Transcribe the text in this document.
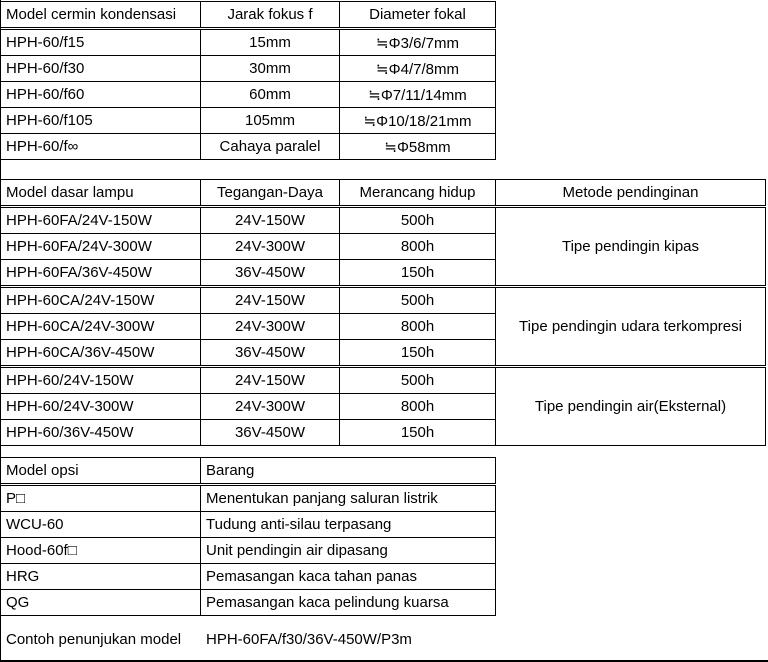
Model cermin kondensasi	Jarak fokus f	Diameter fokal
HPH-60/f15	15mm	≒Φ3/6/7mm
HPH-60/f30	30mm	≒Φ4/7/8mm
HPH-60/f60	60mm	≒Φ7/11/14mm
HPH-60/f105	105mm	≒Φ10/18/21mm
HPH-60/f∞	Cahaya paralel	≒Φ58mm
Model dasar lampu	Tegangan-Daya	Merancang hidup	Metode pendinginan
HPH-60FA/24V-150W	24V-150W	500h	Tipe pendingin kipas
HPH-60FA/24V-300W	24V-300W	800h	
HPH-60FA/36V-450W	36V-450W	150h	
HPH-60CA/24V-150W	24V-150W	500h	Tipe pendingin udara terkompresi
HPH-60CA/24V-300W	24V-300W	800h	
HPH-60CA/36V-450W	36V-450W	150h	
HPH-60/24V-150W	24V-150W	500h	Tipe pendingin air(Eksternal)
HPH-60/24V-300W	24V-300W	800h	
HPH-60/36V-450W	36V-450W	150h	
Model opsi	Barang
P□	Menentukan panjang saluran listrik
WCU-60	Tudung anti-silau terpasang
Hood-60f□	Unit pendingin air dipasang
HRG	Pemasangan kaca tahan panas
QG	Pemasangan kaca pelindung kuarsa
Contoh penunjukan model HPH-60FA/f30/36V-450W/P3m
